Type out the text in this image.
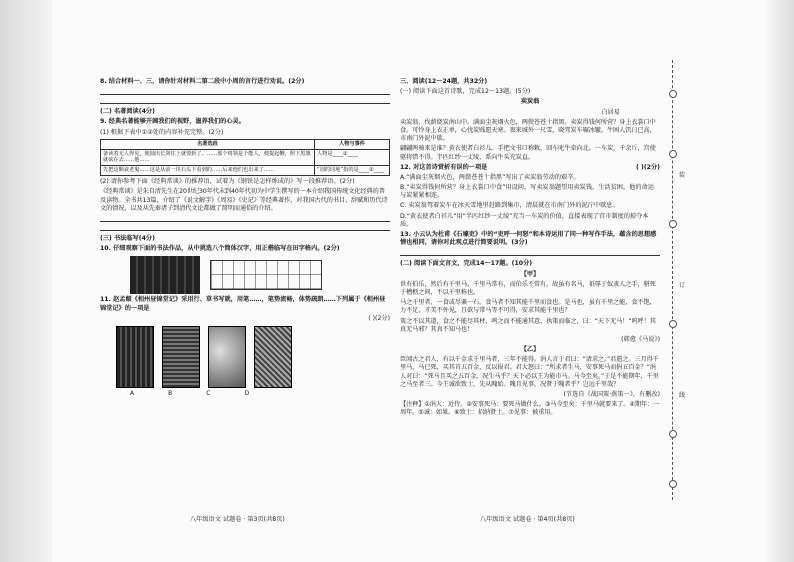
8. 结合材料一、三，请你针对材料二第二段中小周的言行进行劝说。(2分)

(二) 名著阅读(4分)

9. 经典名著能够开阔我们的视野，滋养我们的心灵。

(1) 根据下表中①②处的内容补充完整。(2分)

名著选段	人物与事件
备读着无人得见，便抽出长剑往上就要斩了。……那个将领是个能人，便提起鞭，照下黑旗就砍在去……他……	人物是____①____
先把这颗衰老鬼……这是从前一块石头下看到的……后来他们也出来了……	“别的同地”指的是____②____

(2) 请你参考下面《经典常谈》的推荐语，试着为《钢铁是怎样炼成的》写一段推荐语。(2分)

《经典常谈》是朱自清先生在20世纪30年代末到40年代初为中学生撰写的一本介绍我国传统文化经典的普及读物。全书共13篇，介绍了《说文解字》《周易》《史记》等经典著作，对我国古代的书目、辞赋和历代诗文的情况，以及从先秦诸子到清代文论都做了简明而通俗的介绍。

(三) 书法临写(4分)

10. 仔细观察下面的书法作品，从中挑选八个简体汉字，用正楷临写在田字格内。(2分)

11. 赵孟頫《相州昼锦堂记》采用行、草书写就，用笔……，笔势流畅，体势疏朗……下列属于《相州昼锦堂记》的一项是

( )(2分)

A	B	C	D
八年级语文 试题卷 · 第3页(共8页)

三、阅读(12～24题，共32分)

(一) 阅读下面这首诗歌，完成12～13题。(5分)

卖炭翁

白居易

卖炭翁，伐薪烧炭南山中。满面尘灰烟火色，两鬓苍苍十指黑。卖炭得钱何所营？身上衣裳口中食。可怜身上衣正单，心忧炭贱愿天寒。夜来城外一尺雪，晓驾炭车辗冰辙。牛困人饥日已高，市南门外泥中歇。

翩翩两骑来是谁？黄衣使者白衫儿。手把文书口称敕，回车叱牛牵向北。一车炭，千余斤，宫使驱将惜不得。半匹红纱一丈绫，系向牛头充炭直。

12. 对这首诗赏析有误的一项是	( )(2分)

A.“满面尘灰烟火色，两鬓苍苍十指黑”写出了卖炭翁劳动的艰辛。

B.“卖炭得钱何所营？身上衣裳口中食”用设问，写卖炭翁题望用卖炭钱，生活贫困，他的命运与炭紧紧相连。

C. 卖炭翁驾着炭车在冰天雪地里赶路到集市，清晨就在市南门外的泥泞中歇息。

D.“黄衣使者白衫儿”用“半匹红纱一丈绫”充当一车炭的价值，直接表现了宫市制度的掠夺本质。

13. 小云认为杜甫《石壕吏》中的“吏呼一何怒”和本诗运用了同一种写作手法，蕴含的思想感情也相同，请你对此观点进行简要说明。(3分)

(二) 阅读下面文言文，完成14～17题。(10分)

【甲】

世有伯乐，然后有千里马。千里马常有，而伯乐不常有。故虽有名马，祇辱于奴隶人之手，骈死于槽枥之间，不以千里称也。

马之千里者，一食或尽粟一石。食马者不知其能千里而食也。是马也，虽有千里之能，食不饱，力不足，才美不外见，且欲与常马等不可得，安求其能千里也？

策之不以其道，食之不能尽其材，鸣之而不能通其意，执策而临之，曰：“天下无马！”呜呼！其真无马邪？其真不知马也！

(韩愈《马说》)

【乙】

臣闻古之君人，有以千金求千里马者，三年不能得。涓人言于君曰：“请求之。”君遣之。三月得千里马，马已死，买其首五百金，反以报君。君大怒曰：“所求者生马，安事死马而捐五百金？”涓人对曰：“死马且买之五百金，况生马乎？天下必以王为能市马。马今至矣。”于是不能期年，千里之马至者三。今王诚欲致士，先从隗始。隗且见事，况贤于隗者乎？岂远千里哉？

(节选自《战国策·燕策一》，有删改)

【注释】①涓人：近侍。②安事死马：要死马做什么。③马今至矣：千里马就要来了。④期年：一周年。⑤诚：如果。⑥致士：招纳贤士。⑦见事：被重用。

八年级语文 试题卷 · 第4页(共8页)
装
订
线
